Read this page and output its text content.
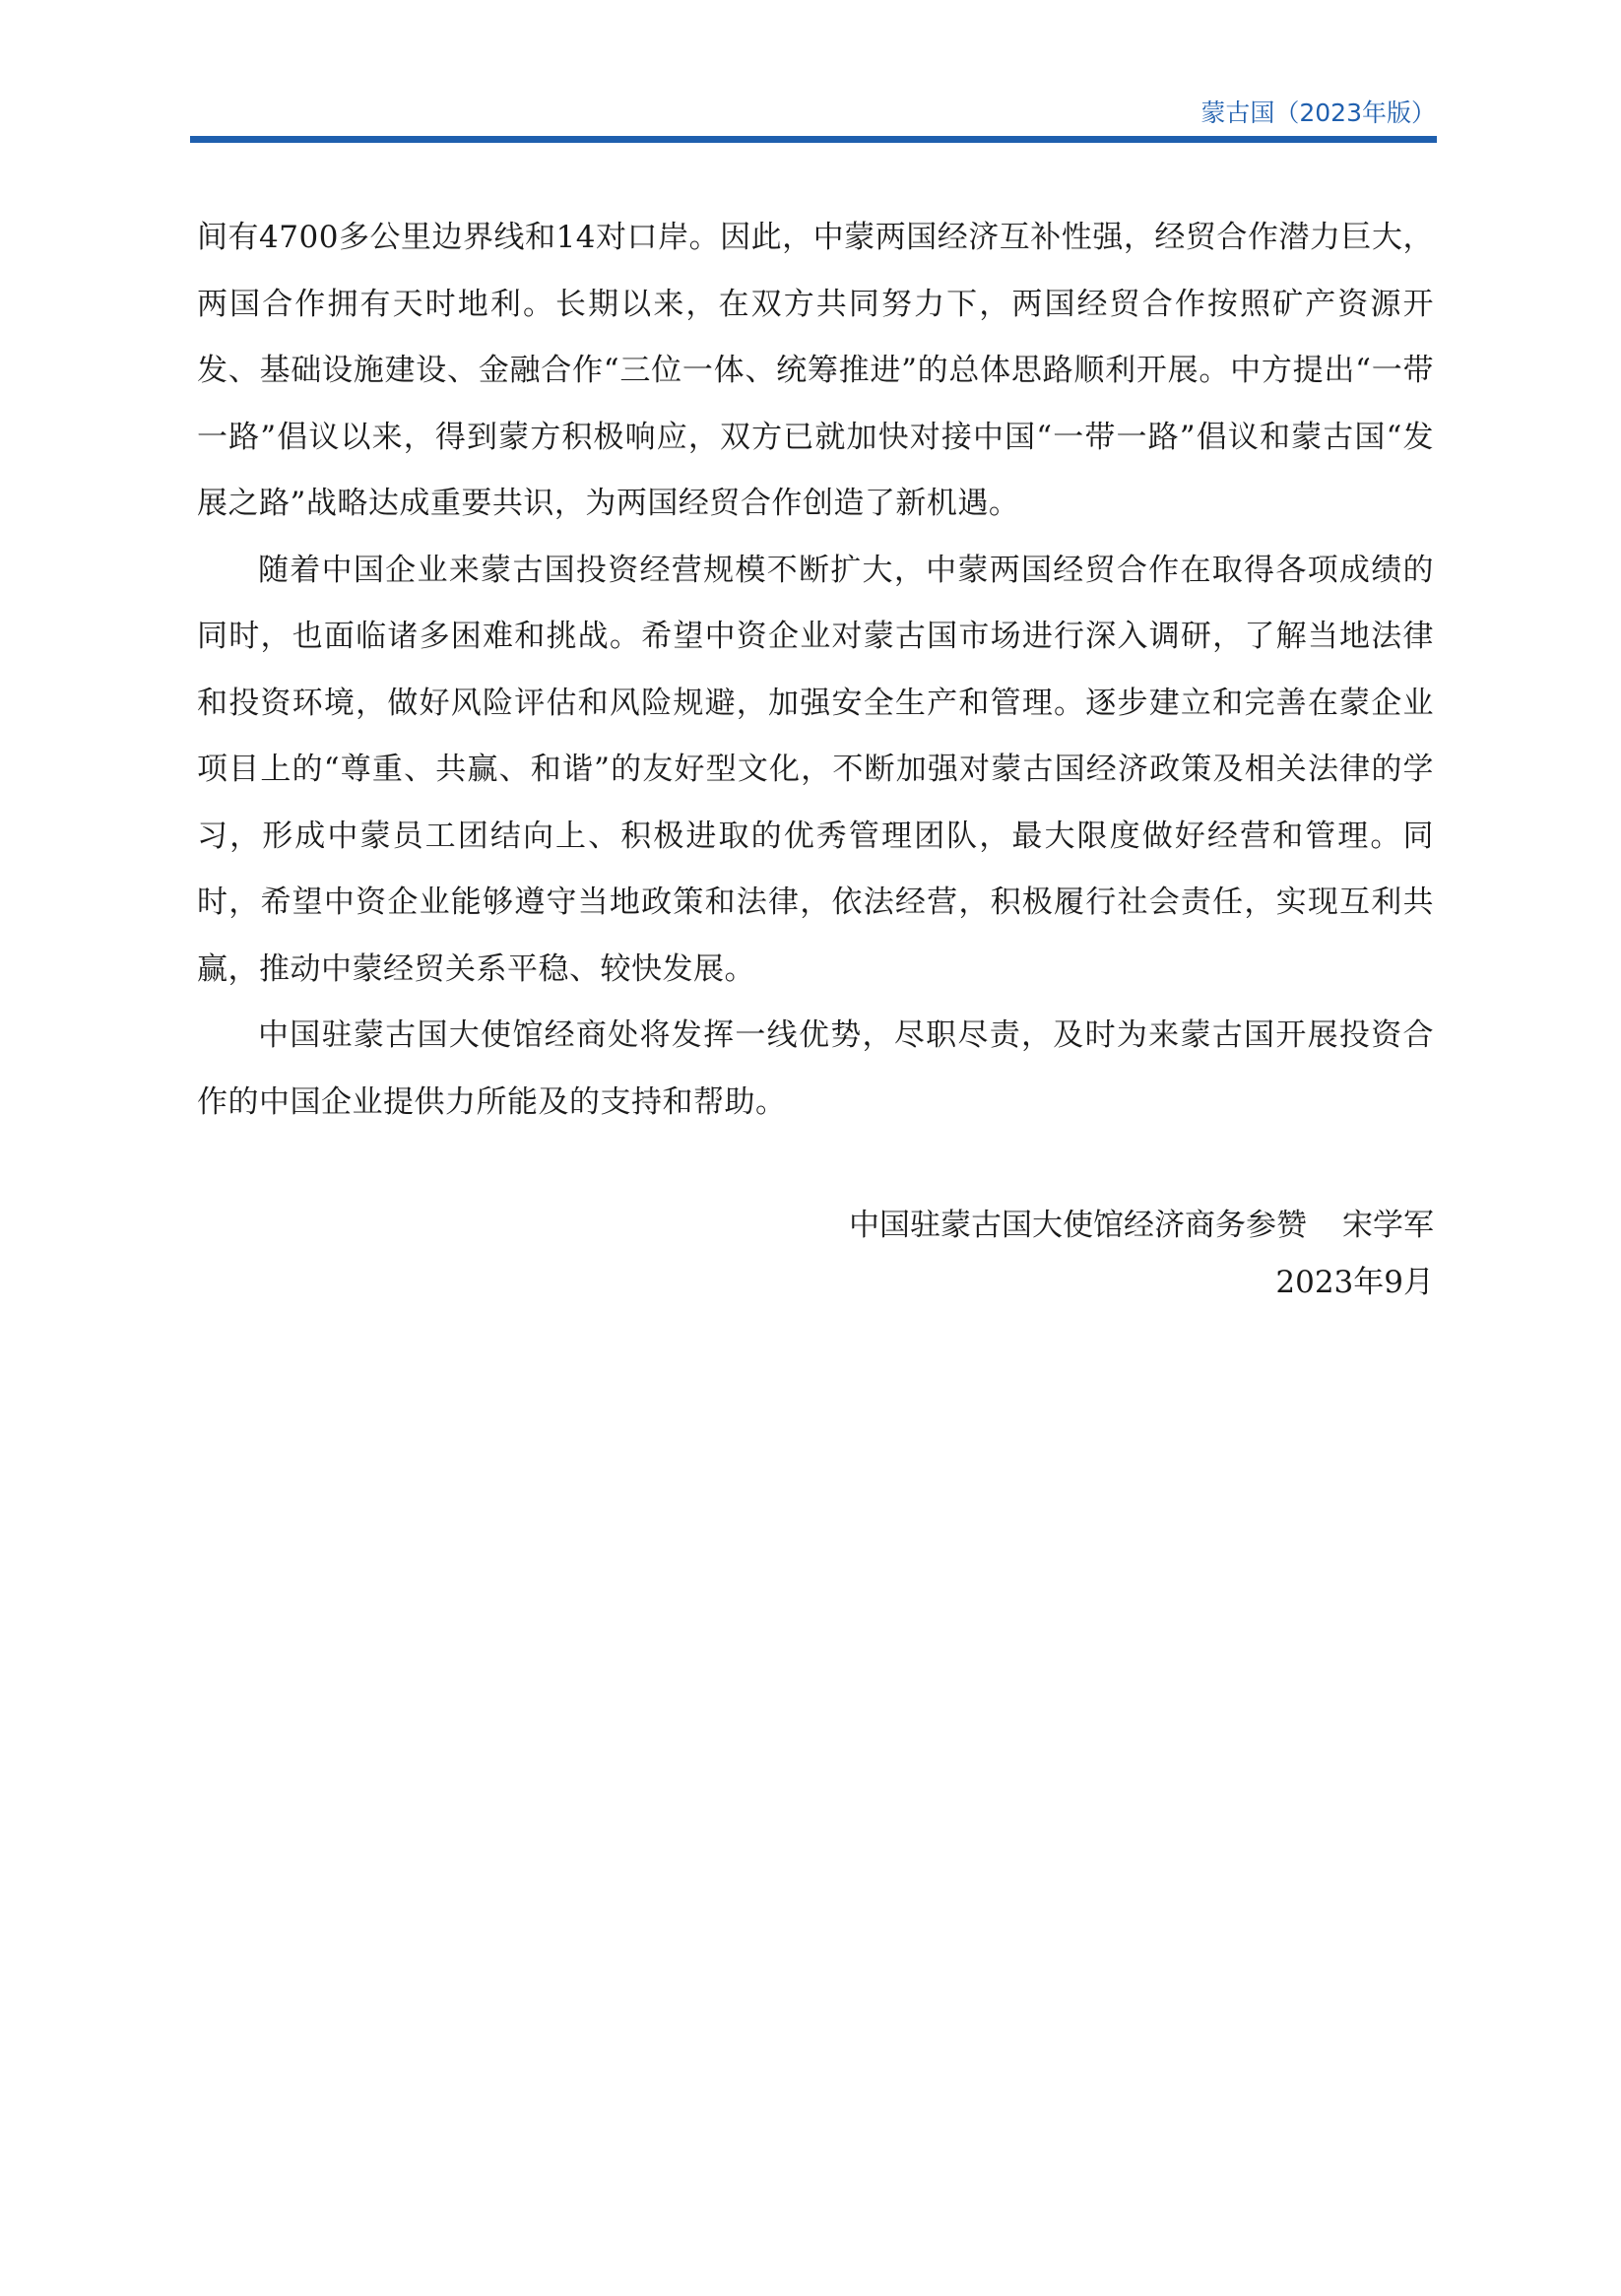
蒙古国（2023年版）

间有4700多公里边界线和14对口岸。因此，中蒙两国经济互补性强，经贸合作潜力巨大，两国合作拥有天时地利。长期以来，在双方共同努力下，两国经贸合作按照矿产资源开发、基础设施建设、金融合作“三位一体、统筹推进”的总体思路顺利开展。中方提出“一带一路”倡议以来，得到蒙方积极响应，双方已就加快对接中国“一带一路”倡议和蒙古国“发展之路”战略达成重要共识，为两国经贸合作创造了新机遇。

随着中国企业来蒙古国投资经营规模不断扩大，中蒙两国经贸合作在取得各项成绩的同时，也面临诸多困难和挑战。希望中资企业对蒙古国市场进行深入调研，了解当地法律和投资环境，做好风险评估和风险规避，加强安全生产和管理。逐步建立和完善在蒙企业项目上的“尊重、共赢、和谐”的友好型文化，不断加强对蒙古国经济政策及相关法律的学习，形成中蒙员工团结向上、积极进取的优秀管理团队，最大限度做好经营和管理。同时，希望中资企业能够遵守当地政策和法律，依法经营，积极履行社会责任，实现互利共赢，推动中蒙经贸关系平稳、较快发展。

中国驻蒙古国大使馆经商处将发挥一线优势，尽职尽责，及时为来蒙古国开展投资合作的中国企业提供力所能及的支持和帮助。

中国驻蒙古国大使馆经济商务参赞 宋学军
2023年9月
